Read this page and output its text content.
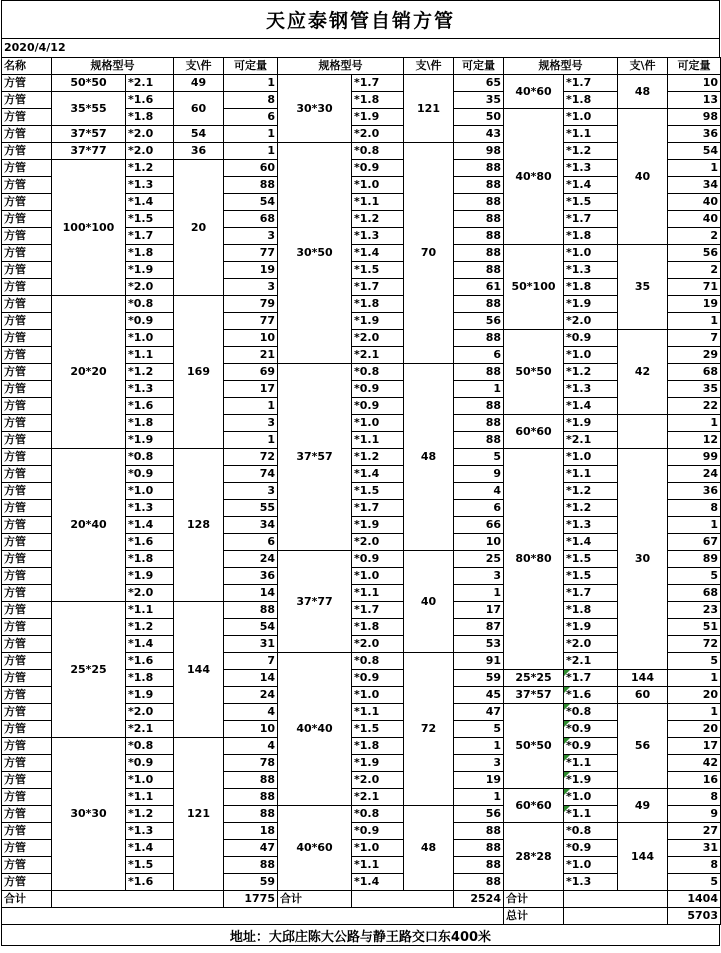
天应泰钢管自销方管
2020/4/12
名称	规格型号		支\件	可定量	规格型号		支\件	可定量	规格型号		支\件	可定量
方管	50*50	*2.1	49	1	30*30	*1.7	121	65	40*60	*1.7	48	10
方管	35*55	*1.6	60	8		*1.8		35		*1.8		13
方管		*1.8		6		*1.9		50	40*80	*1.0	40	98
方管	37*57	*2.0	54	1		*2.0		43		*1.1		36
方管	37*77	*2.0	36	1	30*50	*0.8	70	98		*1.2		54
方管	100*100	*1.2	20	60		*0.9		88		*1.3		1
方管		*1.3		88		*1.0		88		*1.4		34
方管		*1.4		54		*1.1		88		*1.5		40
方管		*1.5		68		*1.2		88		*1.7		40
方管		*1.7		3		*1.3		88		*1.8		2
方管		*1.8		77		*1.4		88	50*100	*1.0	35	56
方管		*1.9		19		*1.5		88		*1.3		2
方管		*2.0		3		*1.7		61		*1.8		71
方管	20*20	*0.8	169	79		*1.8		88		*1.9		19
方管		*0.9		77		*1.9		56		*2.0		1
方管		*1.0		10		*2.0		88	50*50	*0.9	42	7
方管		*1.1		21		*2.1		6		*1.0		29
方管		*1.2		69	37*57	*0.8	48	88		*1.2		68
方管		*1.3		17		*0.9		1		*1.3		35
方管		*1.6		1		*0.9		88		*1.4		22
方管		*1.8		3		*1.0		88	60*60	*1.9		1
方管		*1.9		1		*1.1		88		*2.1		12
方管	20*40	*0.8	128	72		*1.2		5	80*80	*1.0	30	99
方管		*0.9		74		*1.4		9		*1.1		24
方管		*1.0		3		*1.5		4		*1.2		36
方管		*1.3		55		*1.7		6		*1.2		8
方管		*1.4		34		*1.9		66		*1.3		1
方管		*1.6		6		*2.0		10		*1.4		67
方管		*1.8		24	37*77	*0.9	40	25		*1.5		89
方管		*1.9		36		*1.0		3		*1.5		5
方管		*2.0		14		*1.1		1		*1.7		68
方管	25*25	*1.1	144	88		*1.7		17		*1.8		23
方管		*1.2		54		*1.8		87		*1.9		51
方管		*1.4		31		*2.0		53		*2.0		72
方管		*1.6		7	40*40	*0.8	72	91		*2.1		5
方管		*1.8		14		*0.9		59	25*25	*1.7	144	1
方管		*1.9		24		*1.0		45	37*57	*1.6	60	20
方管		*2.0		4		*1.1		47	50*50	*0.8	56	1
方管		*2.1		10		*1.5		5		*0.9		20
方管	30*30	*0.8	121	4		*1.8		1		*0.9		17
方管		*0.9		78		*1.9		3		*1.1		42
方管		*1.0		88		*2.0		19		*1.9		16
方管		*1.1		88		*2.1		1	60*60	*1.0	49	8
方管		*1.2		88	40*60	*0.8	48	56		*1.1		9
方管		*1.3		18		*0.9		88	28*28	*0.8	144	27
方管		*1.4		47		*1.0		88		*0.9		31
方管		*1.5		88		*1.1		88		*1.0		8
方管		*1.6		59		*1.4		88		*1.3		5
合计				1775	合计			2524	合计			1404
									总计			5703
地址：大邱庄陈大公路与静王路交口东400米
